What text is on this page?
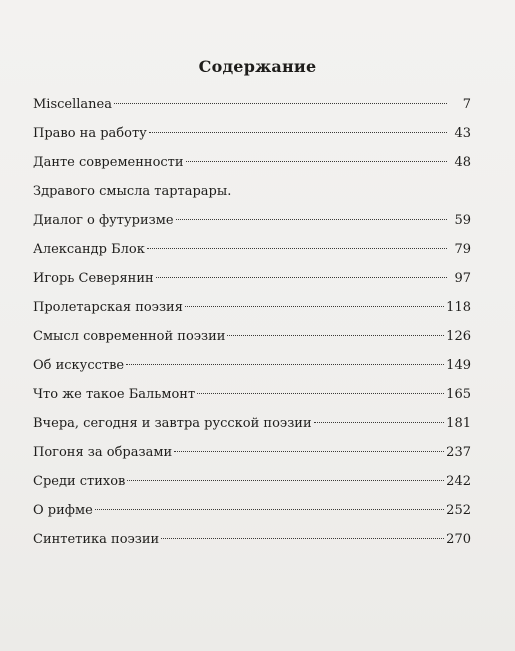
Содержание
Miscellanea	7
Право на работу	43
Данте современности	48
Здравого смысла тартарары.
Диалог о футуризме	59
Александр Блок	79
Игорь Северянин	97
Пролетарская поэзия	118
Смысл современной поэзии	126
Об искусстве	149
Что же такое Бальмонт	165
Вчера, сегодня и завтра русской поэзии	181
Погоня за образами	237
Среди стихов	242
О рифме	252
Синтетика поэзии	270
